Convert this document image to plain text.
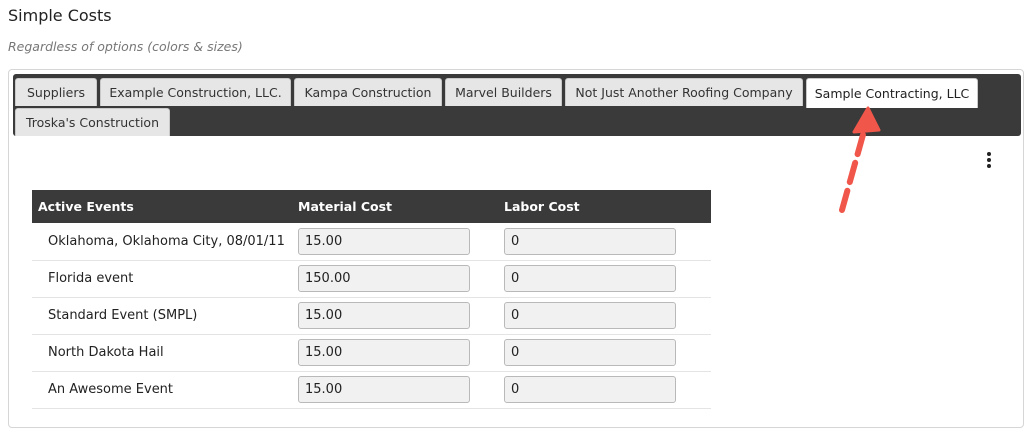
Simple Costs
Regardless of options (colors & sizes)
Suppliers	Example Construction, LLC.	Kampa Construction	Marvel Builders	Not Just Another Roofing Company	Sample Contracting, LLC
Troska's Construction
Active Events	Material Cost	Labor Cost
Oklahoma, Oklahoma City, 08/01/11	15.00	0
Florida event	150.00	0
Standard Event (SMPL)	15.00	0
North Dakota Hail	15.00	0
An Awesome Event	15.00	0
